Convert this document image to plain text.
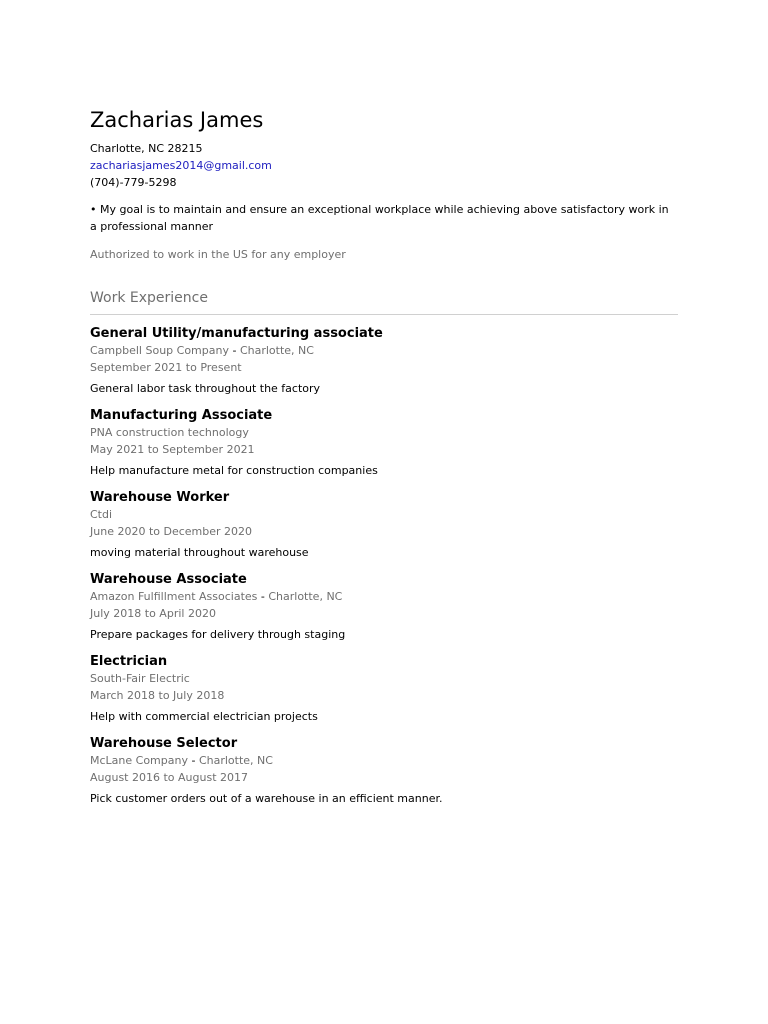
Zacharias James
Charlotte, NC 28215
zachariasjames2014@gmail.com
(704)-779-5298
• My goal is to maintain and ensure an exceptional workplace while achieving above satisfactory work in a professional manner
Authorized to work in the US for any employer
Work Experience
General Utility/manufacturing associate
Campbell Soup Company - Charlotte, NC
September 2021 to Present
General labor task throughout the factory
Manufacturing Associate
PNA construction technology
May 2021 to September 2021
Help manufacture metal for construction companies
Warehouse Worker
Ctdi
June 2020 to December 2020
moving material throughout warehouse
Warehouse Associate
Amazon Fulfillment Associates - Charlotte, NC
July 2018 to April 2020
Prepare packages for delivery through staging
Electrician
South-Fair Electric
March 2018 to July 2018
Help with commercial electrician projects
Warehouse Selector
McLane Company - Charlotte, NC
August 2016 to August 2017
Pick customer orders out of a warehouse in an efficient manner.
